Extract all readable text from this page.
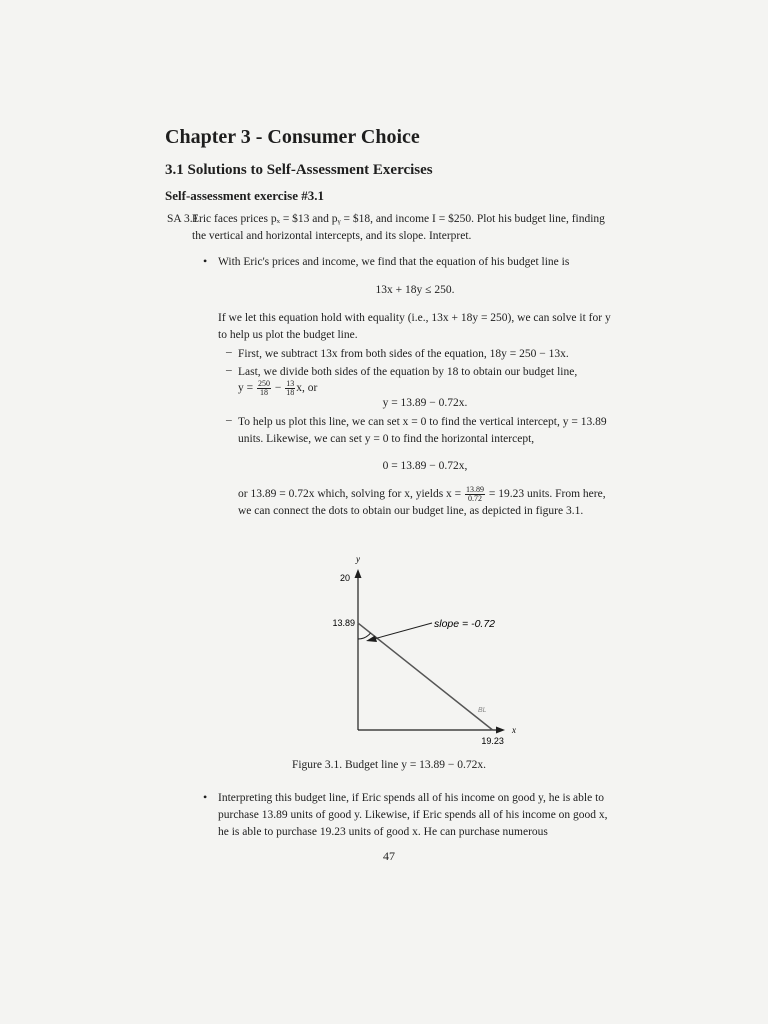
Chapter 3 - Consumer Choice
3.1 Solutions to Self-Assessment Exercises
Self-assessment exercise #3.1
SA 3.1
Eric faces prices pₓ = $13 and pᵧ = $18, and income I = $250. Plot his budget line, finding the vertical and horizontal intercepts, and its slope. Interpret.
• With Eric's prices and income, we find that the equation of his budget line is
13x + 18y ≤ 250.
If we let this equation hold with equality (i.e., 13x + 18y = 250), we can solve it for y to help us plot the budget line.
– First, we subtract 13x from both sides of the equation, 18y = 250 − 13x.
– Last, we divide both sides of the equation by 18 to obtain our budget line,
$y = \frac{250}{18} - \frac{13}{18} x$, or
y = 13.89 − 0.72x.
– To help us plot this line, we can set x = 0 to find the vertical intercept, y = 13.89 units. Likewise, we can set y = 0 to find the horizontal intercept,
0 = 13.89 − 0.72x,
or 13.89 = 0.72x which, solving for x, yields $x = \frac{13.89}{0.72} = 19.23$ units. From here, we can connect the dots to obtain our budget line, as depicted in figure 3.1.
y
x
20
13.89
19.23
slope = -0.72
BL
Figure 3.1. Budget line y = 13.89 − 0.72x.
• Interpreting this budget line, if Eric spends all of his income on good y, he is able to purchase 13.89 units of good y. Likewise, if Eric spends all of his income on good x, he is able to purchase 19.23 units of good x. He can purchase numerous
47
